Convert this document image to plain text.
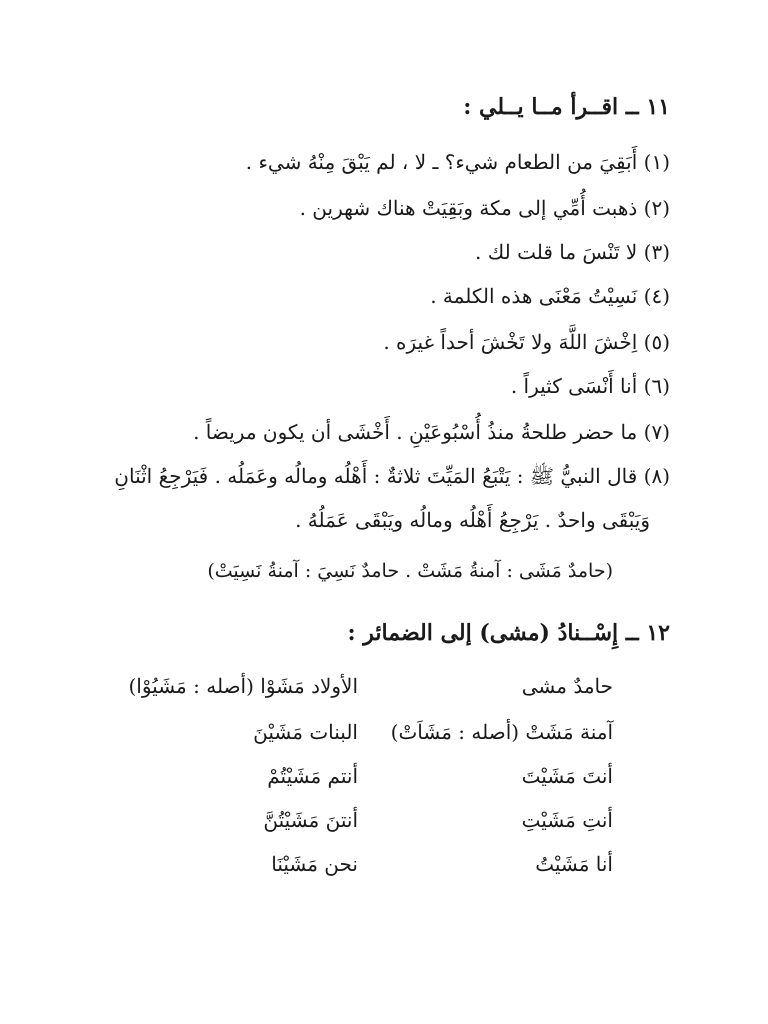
١١ ــ اقــرأ مــا يــلي :
(١) أَبَقِيَ من الطعام شيء؟ ـ لا ، لم يَبْقَ مِنْهُ شيء .
(٢) ذهبت أُمِّي إلى مكة وبَقِيَتْ هناك شهرين .
(٣) لا تَنْسَ ما قلت لك .
(٤) نَسِيْتُ مَعْنَى هذه الكلمة .
(٥) اِخْشَ اللَّهَ ولا تَخْشَ أحداً غيرَه .
(٦) أنا أَنْسَى كثيراً .
(٧) ما حضر طلحةُ منذُ أُسْبُوعَيْنِ . أَخْشَى أن يكون مريضاً .
(٨) قال النبيُّ ﷺ : يَتْبَعُ المَيِّتَ ثلاثةٌ : أَهْلُه ومالُه وعَمَلُه . فَيَرْجِعُ اثْنَانِ
وَيَبْقَى واحدٌ . يَرْجِعُ أَهْلُه ومالُه ويَبْقَى عَمَلُهُ .
(حامدٌ مَشَى : آمنةُ مَشَتْ . حامدٌ نَسِيَ : آمنةُ نَسِيَتْ)
١٢ ــ إِسْــنادُ (مشى) إلى الضمائر :
حامدٌ مشى
الأولاد مَشَوْا (أصله : مَشَيُوْا)
آمنة مَشَتْ (أصله : مَشَاَتْ)
البنات مَشَيْنَ
أنتَ مَشَيْتَ
أنتم مَشَيْتُمْ
أنتِ مَشَيْتِ
أنتنَ مَشَيْتُنَّ
أنا مَشَيْتُ
نحن مَشَيْنَا
